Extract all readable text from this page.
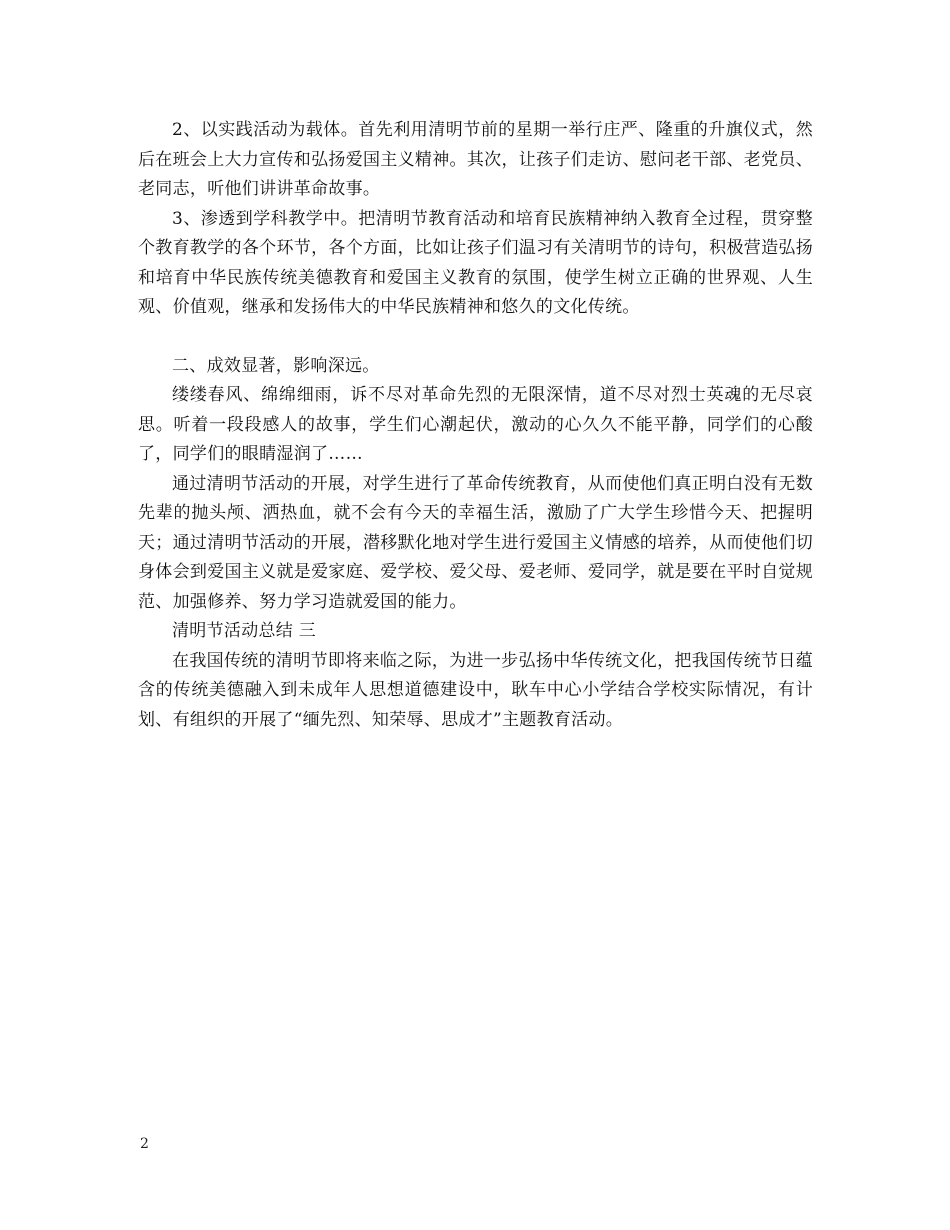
2、以实践活动为载体。首先利用清明节前的星期一举行庄严、隆重的升旗仪式，然后在班会上大力宣传和弘扬爱国主义精神。其次，让孩子们走访、慰问老干部、老党员、老同志，听他们讲讲革命故事。

3、渗透到学科教学中。把清明节教育活动和培育民族精神纳入教育全过程，贯穿整个教育教学的各个环节，各个方面，比如让孩子们温习有关清明节的诗句，积极营造弘扬和培育中华民族传统美德教育和爱国主义教育的氛围，使学生树立正确的世界观、人生观、价值观，继承和发扬伟大的中华民族精神和悠久的文化传统。

二、成效显著，影响深远。

缕缕春风、绵绵细雨，诉不尽对革命先烈的无限深情，道不尽对烈士英魂的无尽哀思。听着一段段感人的故事，学生们心潮起伏，激动的心久久不能平静，同学们的心酸了，同学们的眼睛湿润了……

通过清明节活动的开展，对学生进行了革命传统教育，从而使他们真正明白没有无数先辈的抛头颅、洒热血，就不会有今天的幸福生活，激励了广大学生珍惜今天、把握明天；通过清明节活动的开展，潜移默化地对学生进行爱国主义情感的培养，从而使他们切身体会到爱国主义就是爱家庭、爱学校、爱父母、爱老师、爱同学，就是要在平时自觉规范、加强修养、努力学习造就爱国的能力。

清明节活动总结 三

在我国传统的清明节即将来临之际，为进一步弘扬中华传统文化，把我国传统节日蕴含的传统美德融入到未成年人思想道德建设中，耿车中心小学结合学校实际情况，有计划、有组织的开展了“缅先烈、知荣辱、思成才”主题教育活动。

2
